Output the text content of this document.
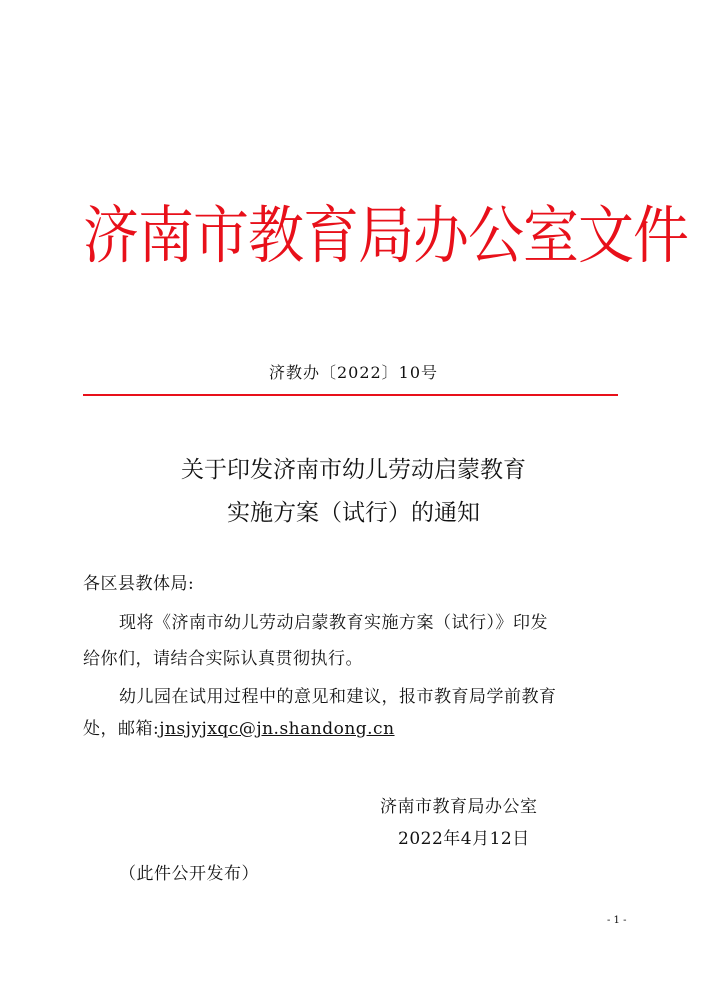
济南市教育局办公室文件
济教办〔2022〕10号
关于印发济南市幼儿劳动启蒙教育
实施方案（试行）的通知
各区县教体局:
现将《济南市幼儿劳动启蒙教育实施方案（试行）》印发
给你们，请结合实际认真贯彻执行。
幼儿园在试用过程中的意见和建议，报市教育局学前教育
处，邮箱:jnsjyjxqc@jn.shandong.cn
济南市教育局办公室
2022年4月12日
（此件公开发布）
- 1 -
